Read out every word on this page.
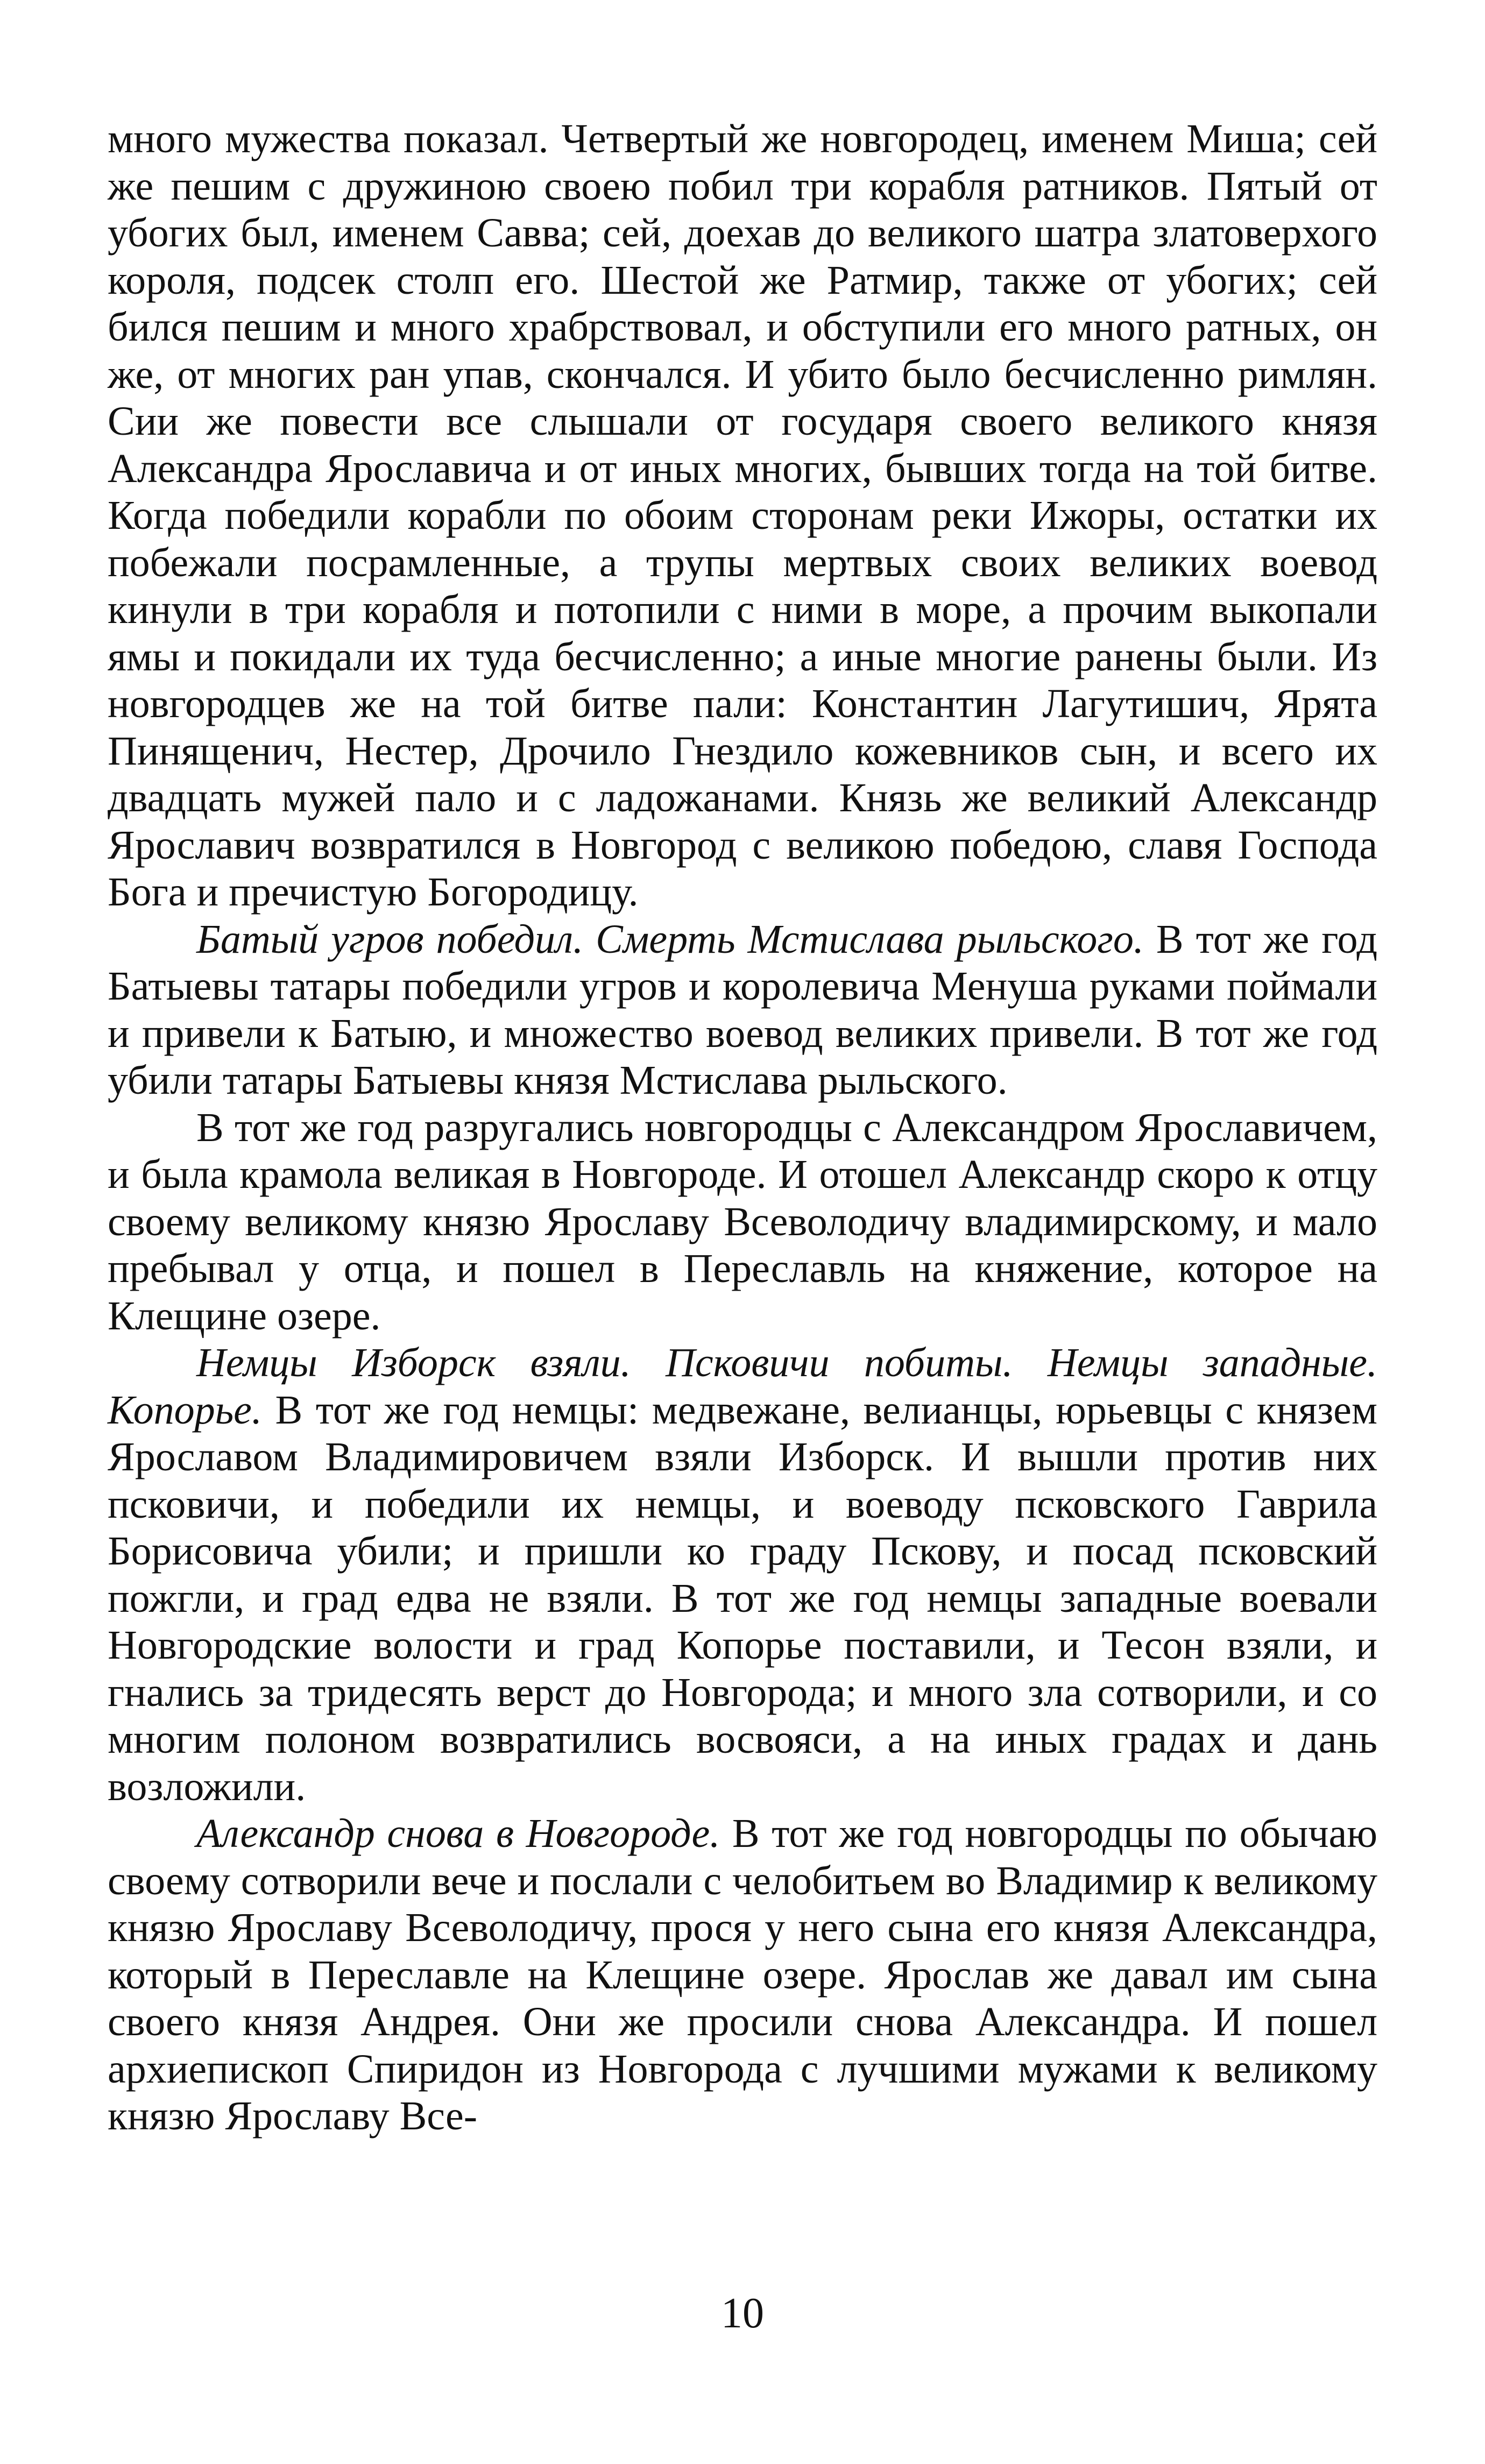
много мужества показал. Четвертый же новгородец, именем Миша; сей же пешим с дружиною своею побил три корабля ратников. Пятый от убогих был, именем Савва; сей, доехав до великого шатра златоверхого короля, подсек столп его. Шестой же Ратмир, также от убогих; сей бился пешим и много храбрствовал, и обступили его много ратных, он же, от многих ран упав, скончался. И убито было бесчисленно римлян. Сии же повести все слышали от государя своего великого князя Александра Ярославича и от иных многих, бывших тогда на той битве. Когда победили корабли по обоим сторонам реки Ижоры, остатки их побежали посрамленные, а трупы мертвых своих великих воевод кинули в три корабля и потопили с ними в море, а прочим выкопали ямы и покидали их туда бесчисленно; а иные многие ранены были. Из новгородцев же на той битве пали: Константин Лагутишич, Ярята Пинященич, Нестер, Дрочило Гнездило кожевников сын, и всего их двадцать мужей пало и с ладожанами. Князь же великий Александр Ярославич возвратился в Новгород с великою победою, славя Господа Бога и пречистую Богородицу.

Батый угров победил. Смерть Мстислава рыльского. В тот же год Батыевы татары победили угров и королевича Менуша руками поймали и привели к Батыю, и множество воевод великих привели. В тот же год убили татары Батыевы князя Мстислава рыльского.

В тот же год разругались новгородцы с Александром Ярославичем, и была крамола великая в Новгороде. И отошел Александр скоро к отцу своему великому князю Ярославу Всеволодичу владимирскому, и мало пребывал у отца, и пошел в Переславль на княжение, которое на Клещине озере.

Немцы Изборск взяли. Псковичи побиты. Немцы западные. Копорье. В тот же год немцы: медвежане, велианцы, юрьевцы с князем Ярославом Владимировичем взяли Изборск. И вышли против них псковичи, и победили их немцы, и воеводу псковского Гаврила Борисовича убили; и пришли ко граду Пскову, и посад псковский пожгли, и град едва не взяли. В тот же год немцы западные воевали Новгородские волости и град Копорье поставили, и Тесон взяли, и гнались за тридесять верст до Новгорода; и много зла сотворили, и со многим полоном возвратились восвояси, а на иных градах и дань возложили.

Александр снова в Новгороде. В тот же год новгородцы по обычаю своему сотворили вече и послали с челобитьем во Владимир к великому князю Ярославу Всеволодичу, прося у него сына его князя Александра, который в Переславле на Клещине озере. Ярослав же давал им сына своего князя Андрея. Они же просили снова Александра. И пошел архиепископ Спиридон из Новгорода с лучшими мужами к великому князю Ярославу Все-

10
